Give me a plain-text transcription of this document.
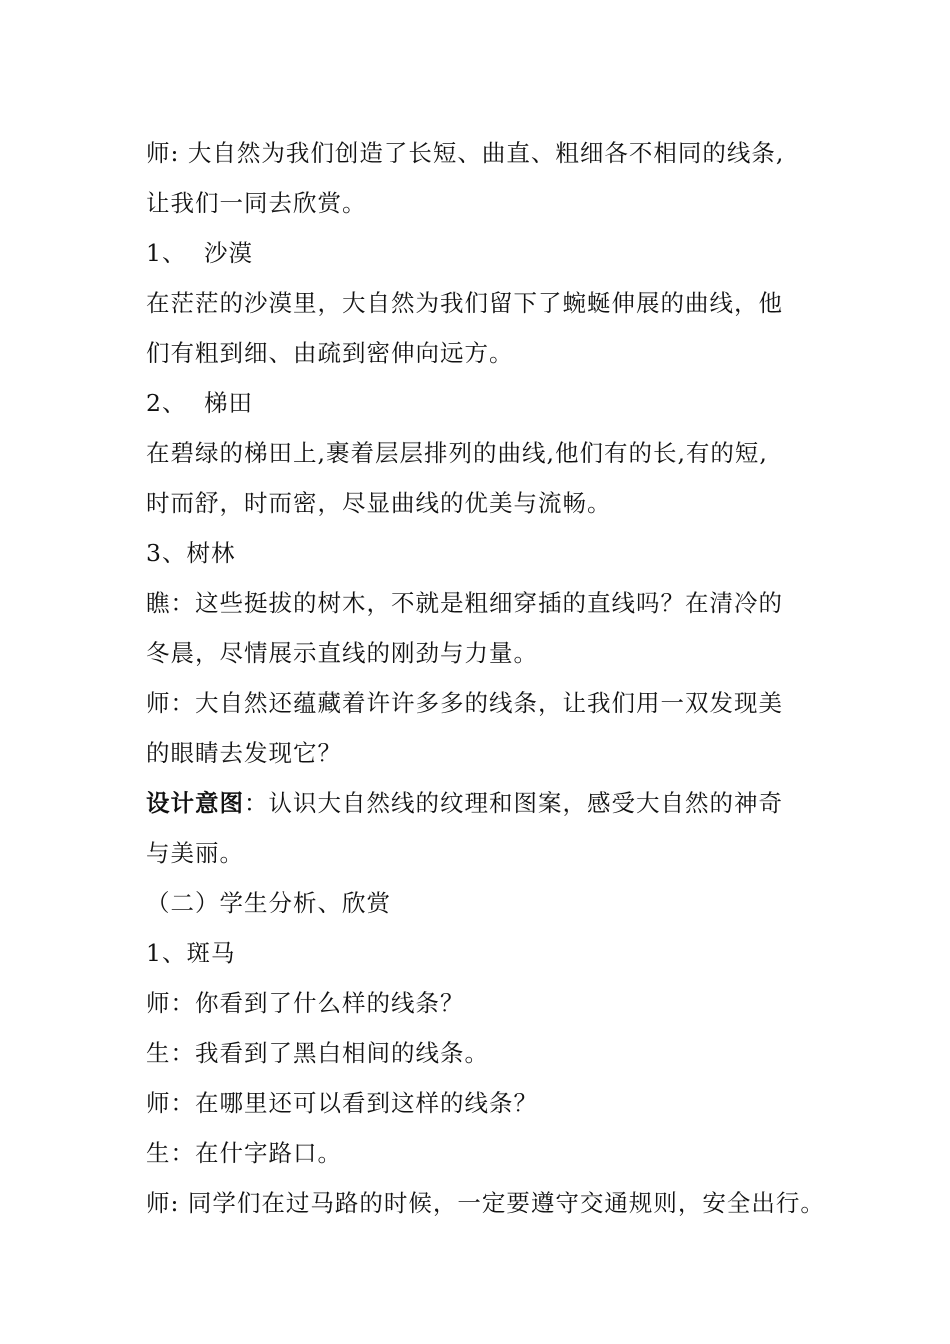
师: 大自然为我们创造了长短、曲直、粗细各不相同的线条,
让我们一同去欣赏。
1、 沙漠
在茫茫的沙漠里，大自然为我们留下了蜿蜒伸展的曲线，他
们有粗到细、由疏到密伸向远方。
2、 梯田
在碧绿的梯田上,裹着层层排列的曲线,他们有的长,有的短,
时而舒，时而密，尽显曲线的优美与流畅。
3、树林
瞧：这些挺拔的树木，不就是粗细穿插的直线吗？在清冷的
冬晨，尽情展示直线的刚劲与力量。
师：大自然还蕴藏着许许多多的线条，让我们用一双发现美
的眼睛去发现它？
设计意图：认识大自然线的纹理和图案，感受大自然的神奇
与美丽。
（二）学生分析、欣赏
1、斑马
师：你看到了什么样的线条？
生：我看到了黑白相间的线条。
师：在哪里还可以看到这样的线条？
生：在什字路口。
师: 同学们在过马路的时候，一定要遵守交通规则，安全出行。
